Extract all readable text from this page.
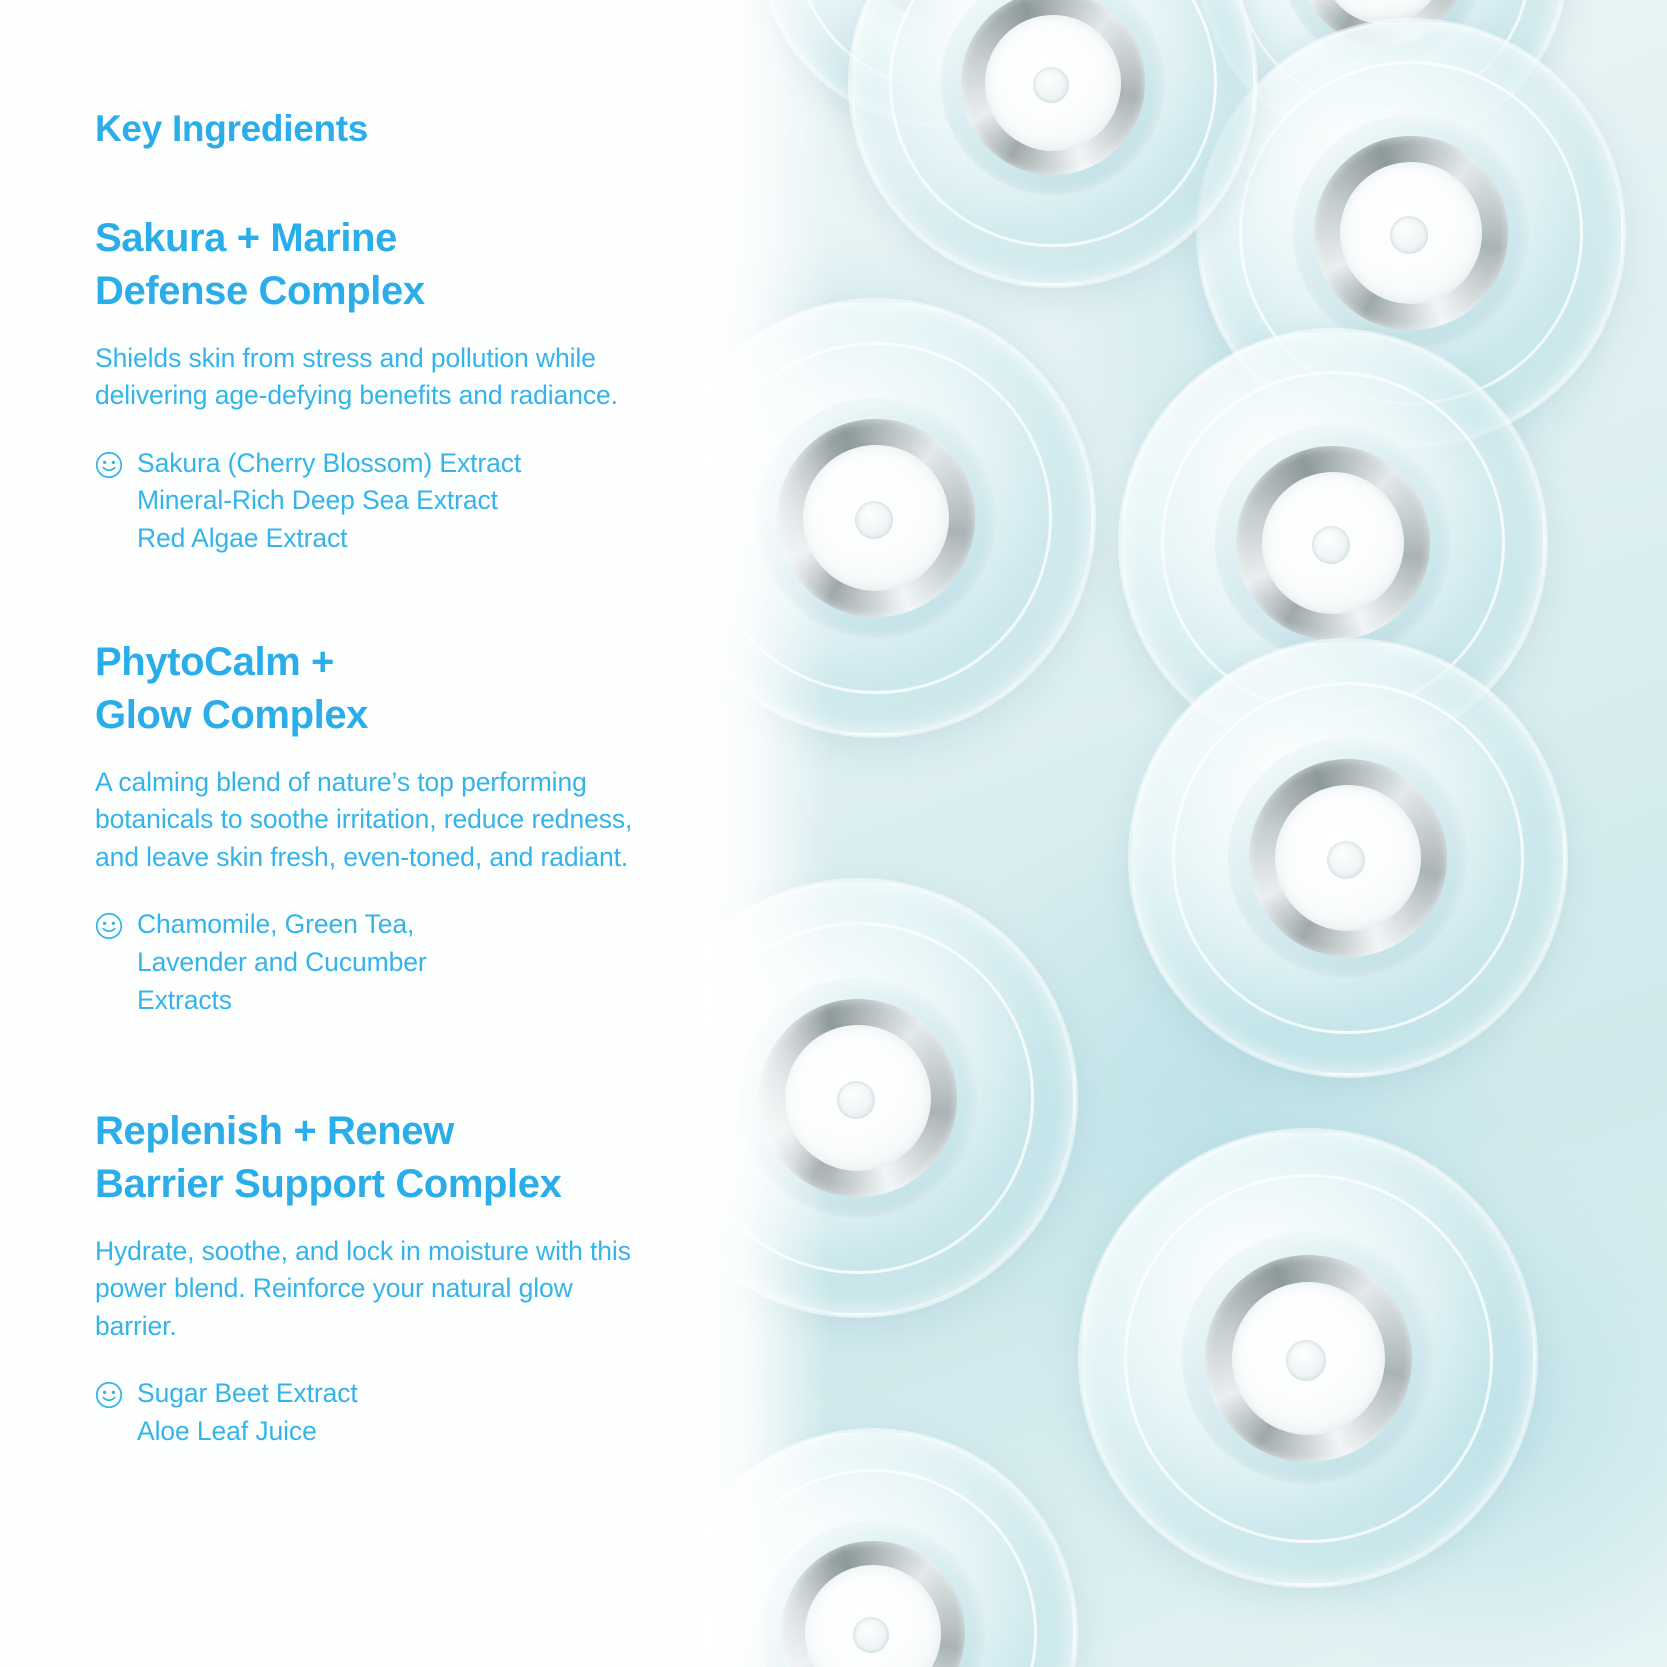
Key Ingredients
Sakura + Marine
Defense Complex

Shields skin from stress and pollution while delivering age-defying benefits and radiance.

Sakura (Cherry Blossom) Extract
Mineral-Rich Deep Sea Extract
Red Algae Extract
PhytoCalm +
Glow Complex

A calming blend of nature’s top performing botanicals to soothe irritation, reduce redness, and leave skin fresh, even-toned, and radiant.

Chamomile, Green Tea,
Lavender and Cucumber
Extracts
Replenish + Renew
Barrier Support Complex

Hydrate, soothe, and lock in moisture with this power blend. Reinforce your natural glow barrier.

Sugar Beet Extract
Aloe Leaf Juice
